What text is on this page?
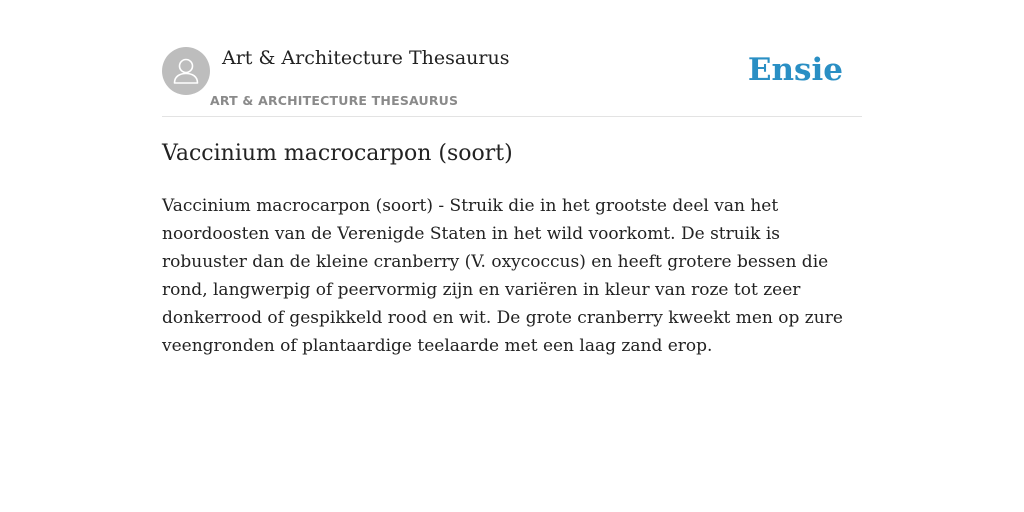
Art & Architecture Thesaurus
ART & ARCHITECTURE THESAURUS
Ensie
Vaccinium macrocarpon (soort)

Vaccinium macrocarpon (soort) - Struik die in het grootste deel van het noordoosten van de Verenigde Staten in het wild voorkomt. De struik is robuuster dan de kleine cranberry (V. oxycoccus) en heeft grotere bessen die rond, langwerpig of peervormig zijn en variëren in kleur van roze tot zeer donkerrood of gespikkeld rood en wit. De grote cranberry kweekt men op zure veengronden of plantaardige teelaarde met een laag zand erop.
